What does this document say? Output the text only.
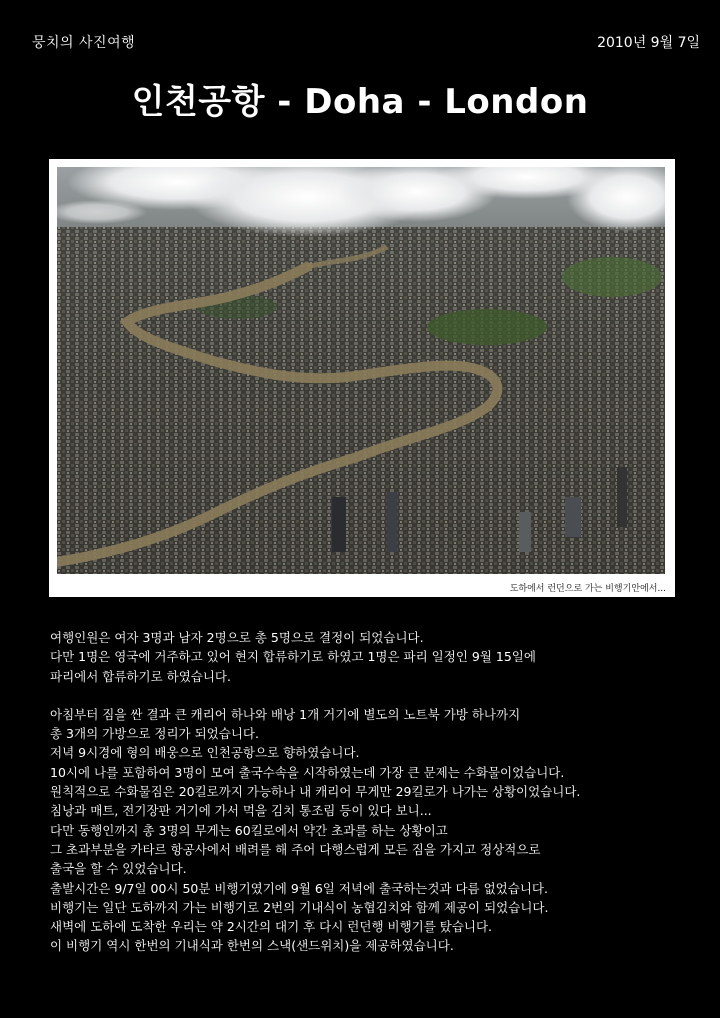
뭉치의 사진여행	2010년 9월 7일
인천공항 - Doha - London
도하에서 런던으로 가는 비행기안에서...
여행인원은 여자 3명과 남자 2명으로 총 5명으로 결정이 되었습니다.
다만 1명은 영국에 거주하고 있어 현지 합류하기로 하였고 1명은 파리 일정인 9월 15일에
파리에서 합류하기로 하였습니다.
아침부터 짐을 싼 결과 큰 캐리어 하나와 배낭 1개 거기에 별도의 노트북 가방 하나까지
총 3개의 가방으로 정리가 되었습니다.
저녁 9시경에 형의 배웅으로 인천공항으로 향하였습니다.
10시에 나를 포함하여 3명이 모여 출국수속을 시작하였는데 가장 큰 문제는 수화물이었습니다.
원칙적으로 수화물짐은 20킬로까지 가능하나 내 캐리어 무게만 29킬로가 나가는 상황이었습니다.
침낭과 매트, 전기장판 거기에 가서 먹을 김치 통조림 등이 있다 보니...
다만 동행인까지 총 3명의 무게는 60킬로에서 약간 초과를 하는 상황이고
그 초과부분을 카타르 항공사에서 배려를 해 주어 다행스럽게 모든 짐을 가지고 정상적으로
출국을 할 수 있었습니다.
출발시간은 9/7일 00시 50분 비행기였기에 9월 6일 저녁에 출국하는것과 다름 없었습니다.
비행기는 일단 도하까지 가는 비행기로 2번의 기내식이 농협김치와 함께 제공이 되었습니다.
새벽에 도하에 도착한 우리는 약 2시간의 대기 후 다시 런던행 비행기를 탔습니다.
이 비행기 역시 한번의 기내식과 한번의 스낵(샌드위치)을 제공하였습니다.
